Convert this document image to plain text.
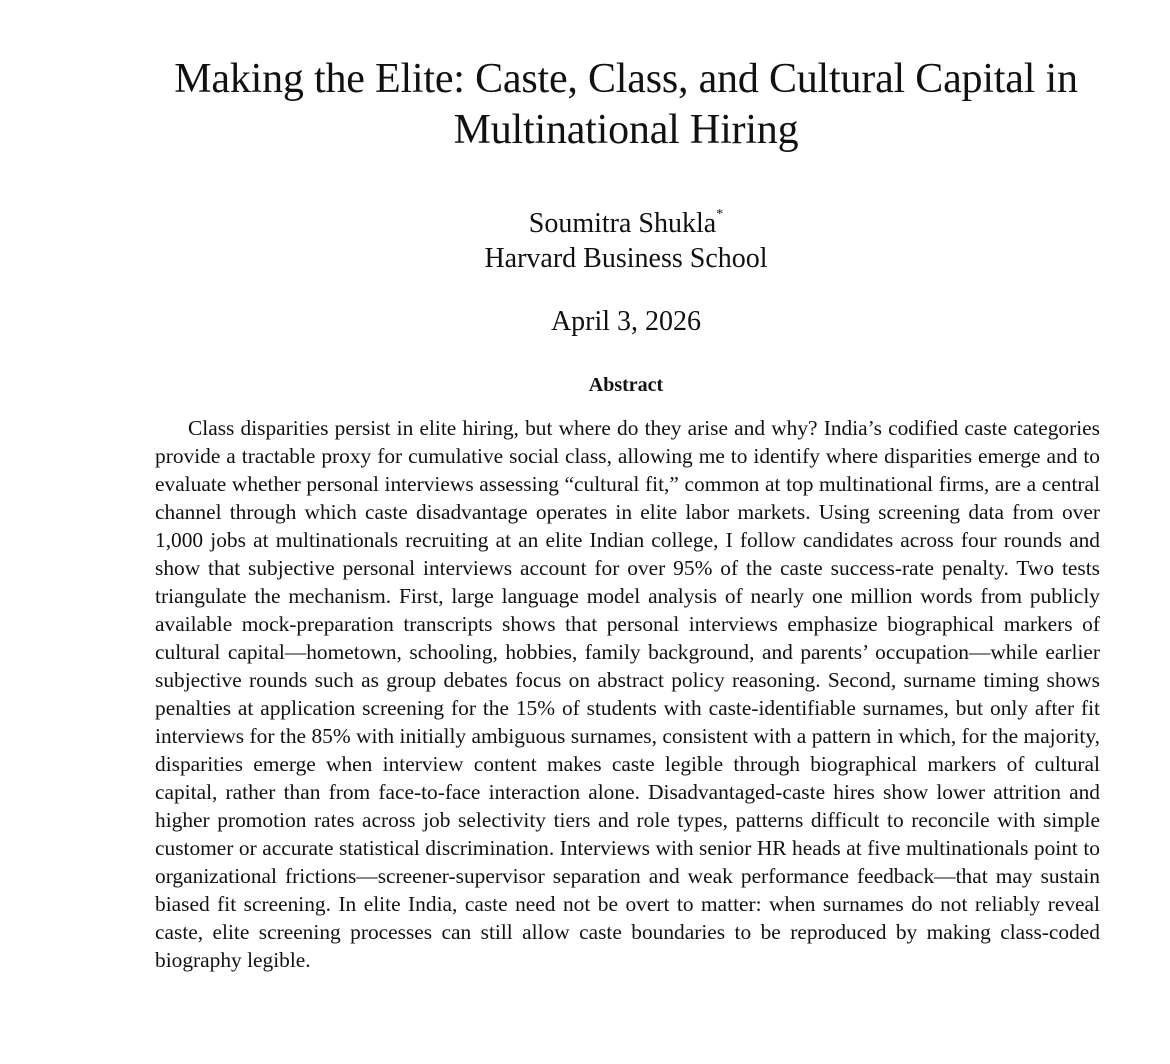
Making the Elite: Caste, Class, and Cultural Capital in Multinational Hiring
Soumitra Shukla*
Harvard Business School
April 3, 2026
Abstract

Class disparities persist in elite hiring, but where do they arise and why? India’s codified caste categories provide a tractable proxy for cumulative social class, allowing me to identify where disparities emerge and to evaluate whether personal interviews assessing “cultural fit,” common at top multinational firms, are a central channel through which caste disadvantage operates in elite labor markets. Using screening data from over 1,000 jobs at multinationals recruiting at an elite Indian college, I follow candidates across four rounds and show that subjective personal interviews account for over 95% of the caste success-rate penalty. Two tests triangulate the mechanism. First, large language model analysis of nearly one million words from publicly available mock-preparation transcripts shows that personal interviews emphasize biographical markers of cultural capital—hometown, schooling, hobbies, family background, and parents’ occupation—while earlier subjective rounds such as group debates focus on abstract policy reasoning. Second, surname timing shows penalties at application screening for the 15% of students with caste-identifiable surnames, but only after fit interviews for the 85% with initially ambiguous surnames, consistent with a pattern in which, for the majority, disparities emerge when interview content makes caste legible through biographical markers of cultural capital, rather than from face-to-face interaction alone. Disadvantaged-caste hires show lower attrition and higher promotion rates across job selectivity tiers and role types, patterns difficult to reconcile with simple customer or accurate statistical discrimination. Interviews with senior HR heads at five multinationals point to organizational frictions—screener-supervisor separation and weak performance feedback—that may sustain biased fit screening. In elite India, caste need not be overt to matter: when surnames do not reliably reveal caste, elite screening processes can still allow caste boundaries to be reproduced by making class-coded biography legible.
